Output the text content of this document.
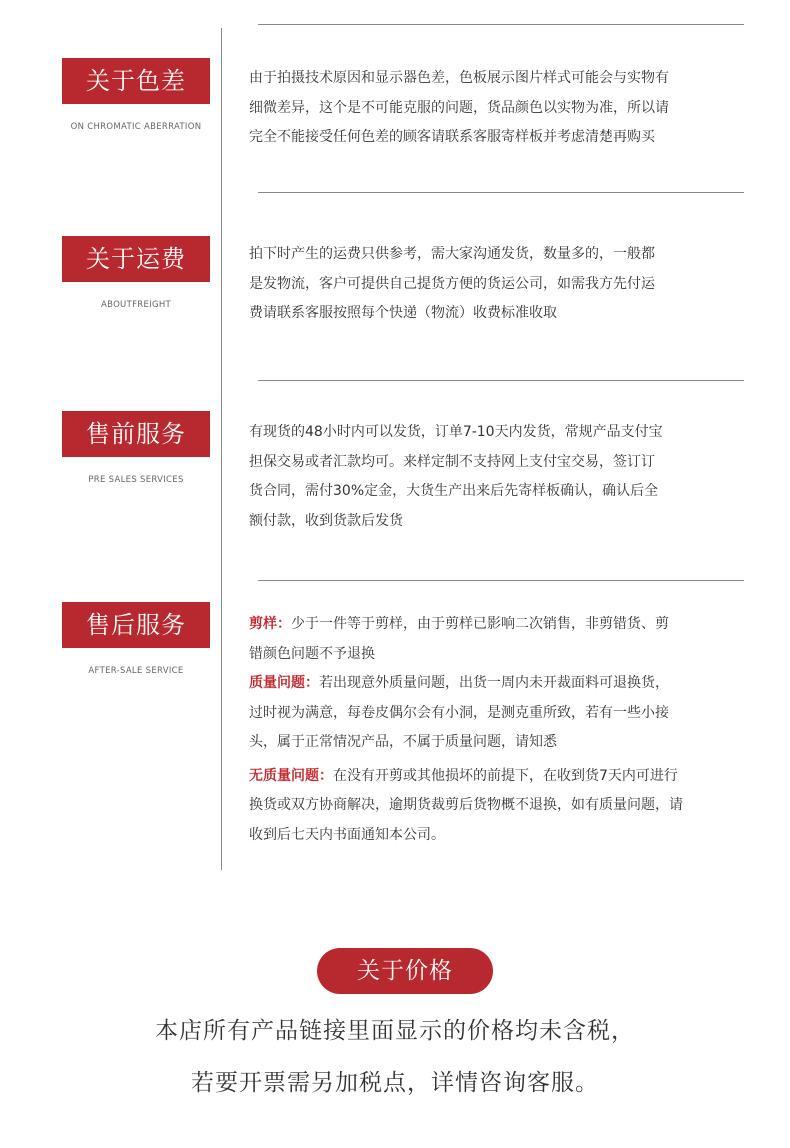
关于色差
ON CHROMATIC ABERRATION

由于拍摄技术原因和显示器色差，色板展示图片样式可能会与实物有

细微差异，这个是不可能克服的问题，货品颜色以实物为准，所以请

完全不能接受任何色差的顾客请联系客服寄样板并考虑清楚再购买

关于运费
ABOUTFREIGHT

拍下时产生的运费只供参考，需大家沟通发货，数量多的，一般都

是发物流，客户可提供自己提货方便的货运公司，如需我方先付运

费请联系客服按照每个快递（物流）收费标准收取

售前服务
PRE SALES SERVICES

有现货的48小时内可以发货，订单7-10天内发货，常规产品支付宝

担保交易或者汇款均可。来样定制不支持网上支付宝交易，签订订

货合同，需付30%定金，大货生产出来后先寄样板确认，确认后全

额付款，收到货款后发货

售后服务
AFTER-SALE SERVICE

剪样：少于一件等于剪样，由于剪样已影响二次销售，非剪错货、剪

错颜色问题不予退换

质量问题：若出现意外质量问题，出货一周内未开裁面料可退换货，

过时视为满意，每卷皮偶尔会有小洞，是测克重所致，若有一些小接

头，属于正常情况产品，不属于质量问题，请知悉

无质量问题：在没有开剪或其他损坏的前提下，在收到货7天内可进行

换货或双方协商解决，逾期货裁剪后货物概不退换，如有质量问题，请

收到后七天内书面通知本公司。

关于价格
本店所有产品链接里面显示的价格均未含税，
若要开票需另加税点，详情咨询客服。
